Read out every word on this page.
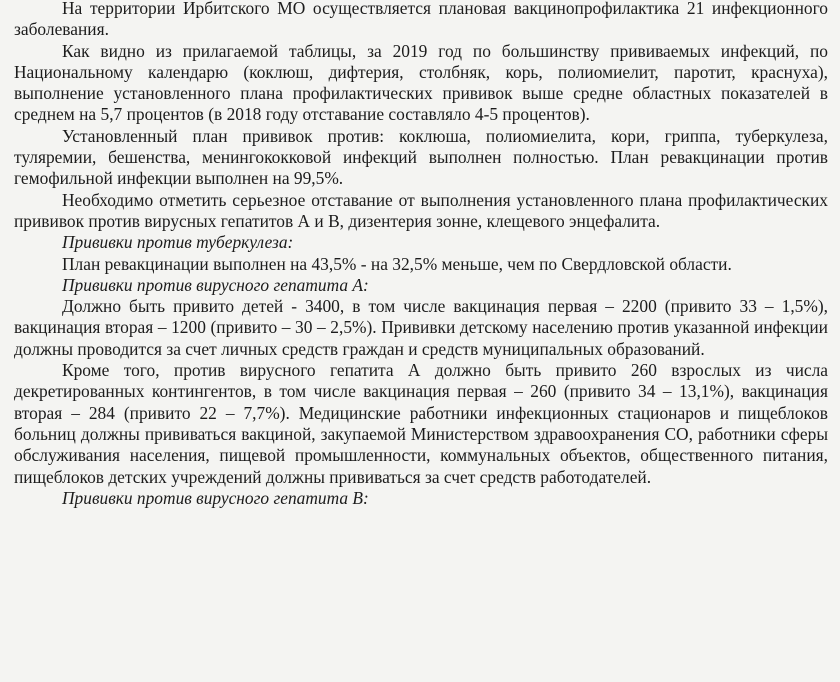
На территории Ирбитского МО осуществляется плановая вакцинопрофилактика 21 инфекционного заболевания.

Как видно из прилагаемой таблицы, за 2019 год по большинству прививаемых инфекций, по Национальному календарю (коклюш, дифтерия, столбняк, корь, полиомиелит, паротит, краснуха), выполнение установленного плана профилактических прививок выше средне областных показателей в среднем на 5,7 процентов (в 2018 году отставание составляло 4-5 процентов).

Установленный план прививок против: коклюша, полиомиелита, кори, гриппа, туберкулеза, туляремии, бешенства, менингококковой инфекций выполнен полностью. План ревакцинации против гемофильной инфекции выполнен на 99,5%.

Необходимо отметить серьезное отставание от выполнения установленного плана профилактических прививок против вирусных гепатитов А и В, дизентерия зонне, клещевого энцефалита.

Прививки против туберкулеза:

План ревакцинации выполнен на 43,5% - на 32,5% меньше, чем по Свердловской области.

Прививки против вирусного гепатита А:

Должно быть привито детей - 3400, в том числе вакцинация первая – 2200 (привито 33 – 1,5%), вакцинация вторая – 1200 (привито – 30 – 2,5%). Прививки детскому населению против указанной инфекции должны проводится за счет личных средств граждан и средств муниципальных образований.

Кроме того, против вирусного гепатита А должно быть привито 260 взрослых из числа декретированных контингентов, в том числе вакцинация первая – 260 (привито 34 – 13,1%), вакцинация вторая – 284 (привито 22 – 7,7%). Медицинские работники инфекционных стационаров и пищеблоков больниц должны прививаться вакциной, закупаемой Министерством здравоохранения СО, работники сферы обслуживания населения, пищевой промышленности, коммунальных объектов, общественного питания, пищеблоков детских учреждений должны прививаться за счет средств работодателей.

Прививки против вирусного гепатита В:
